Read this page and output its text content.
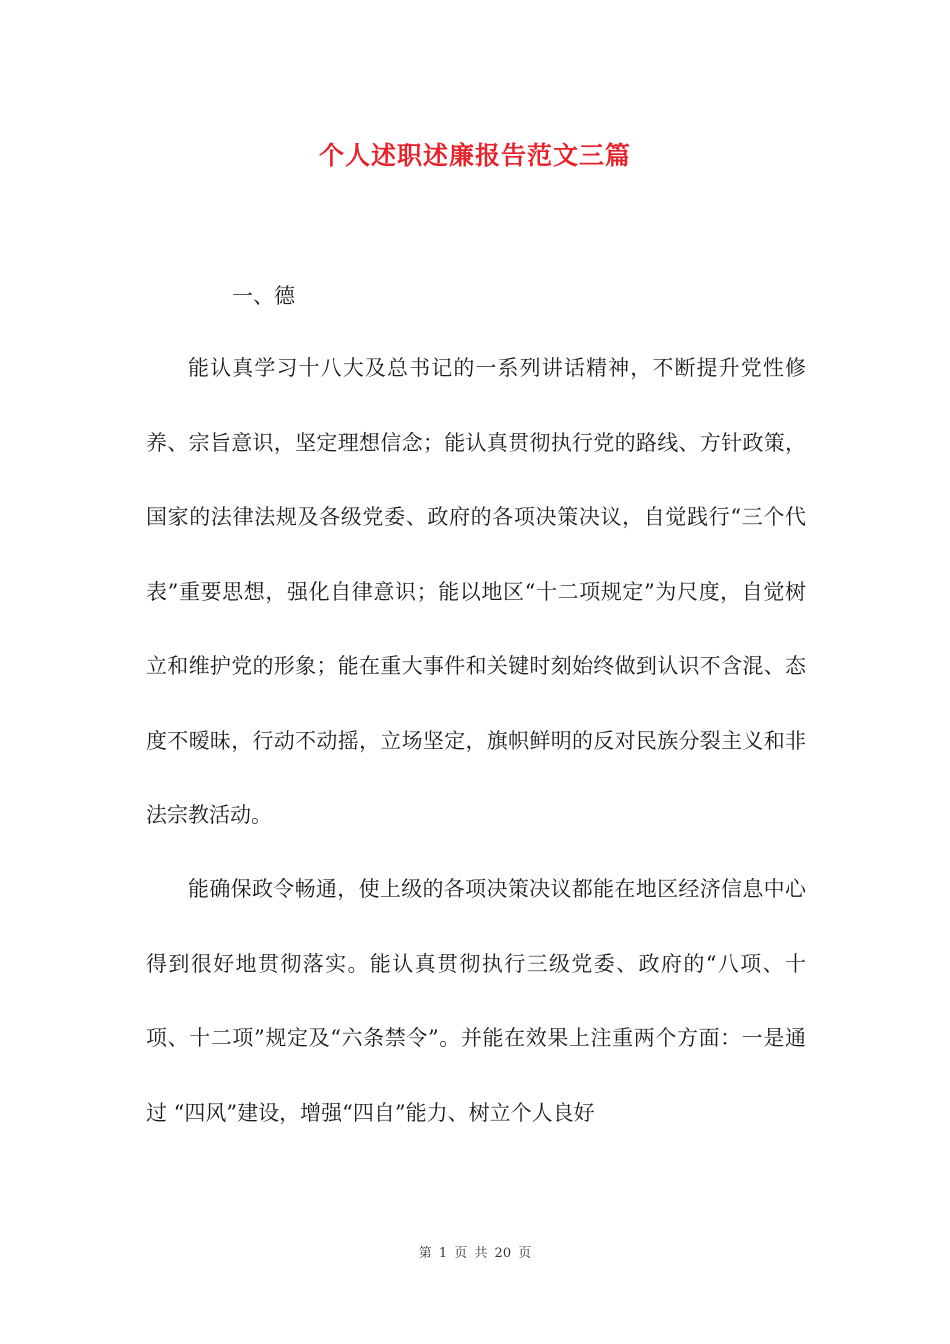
个人述职述廉报告范文三篇
一、德

能认真学习十八大及总书记的一系列讲话精神，不断提升党性修养、宗旨意识，坚定理想信念；能认真贯彻执行党的路线、方针政策，国家的法律法规及各级党委、政府的各项决策决议，自觉践行“三个代表”重要思想，强化自律意识；能以地区“十二项规定”为尺度，自觉树立和维护党的形象；能在重大事件和关键时刻始终做到认识不含混、态度不暧昧，行动不动摇，立场坚定，旗帜鲜明的反对民族分裂主义和非法宗教活动。

能确保政令畅通，使上级的各项决策决议都能在地区经济信息中心得到很好地贯彻落实。能认真贯彻执行三级党委、政府的“八项、十项、十二项”规定及“六条禁令”。并能在效果上注重两个方面：一是通过 “四风”建设，增强“四自”能力、树立个人良好

第 1 页 共 20 页
